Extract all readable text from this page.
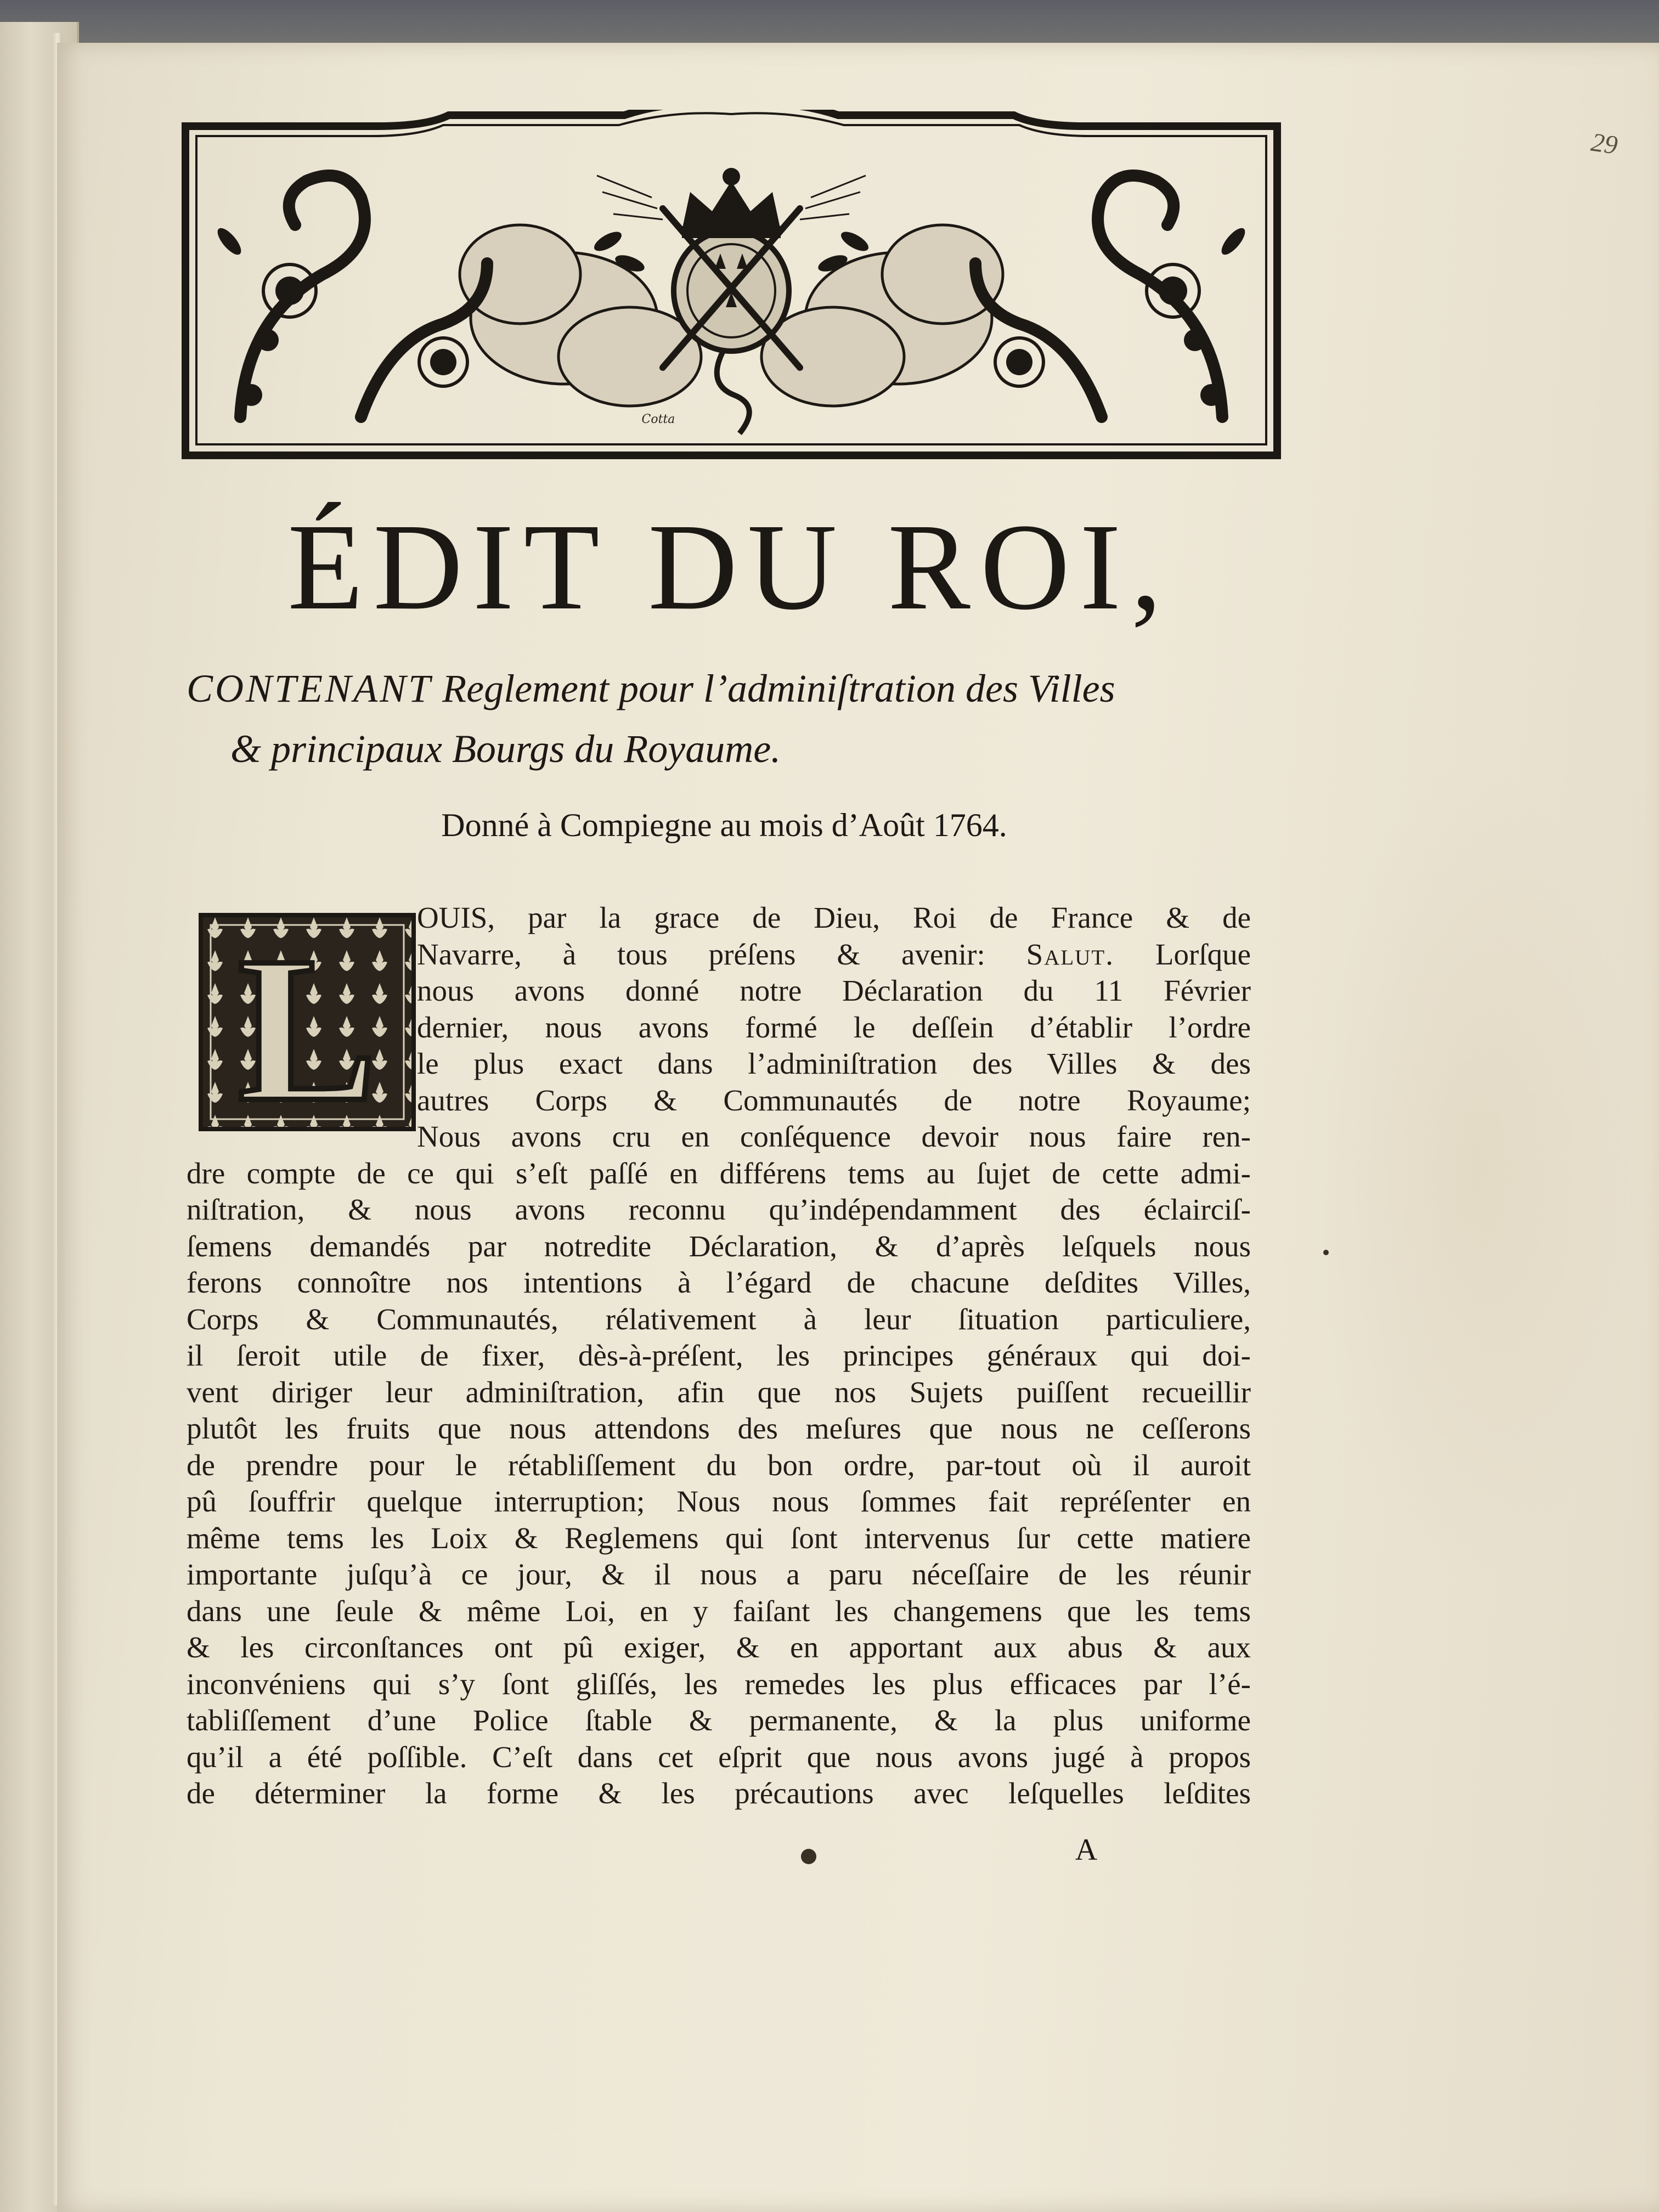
29
Cotta
ÉDIT DU ROI,
CONTENANT Reglement pour l’adminiſtration des Villes
& principaux Bourgs du Royaume.
Donné à Compiegne au mois d’Août 1764.
L OUIS, par la grace de Dieu, Roi de France & de
Navarre, à tous préſens & avenir: Salut. Lorſque
nous avons donné notre Déclaration du 11 Février
dernier, nous avons formé le deſſein d’établir l’ordre
le plus exact dans l’adminiſtration des Villes & des
autres Corps & Communautés de notre Royaume;
Nous avons cru en conſéquence devoir nous faire ren-
dre compte de ce qui s’eſt paſſé en différens tems au ſujet de cette admi-
niſtration, & nous avons reconnu qu’indépendamment des éclairciſ-
ſemens demandés par notredite Déclaration, & d’après leſquels nous
ferons connoître nos intentions à l’égard de chacune deſdites Villes,
Corps & Communautés, rélativement à leur ſituation particuliere,
il ſeroit utile de fixer, dès-à-préſent, les principes généraux qui doi-
vent diriger leur adminiſtration, afin que nos Sujets puiſſent recueillir
plutôt les fruits que nous attendons des meſures que nous ne ceſſerons
de prendre pour le rétabliſſement du bon ordre, par-tout où il auroit
pû ſouffrir quelque interruption; Nous nous ſommes fait repréſenter en
même tems les Loix & Reglemens qui ſont intervenus ſur cette matiere
importante juſqu’à ce jour, & il nous a paru néceſſaire de les réunir
dans une ſeule & même Loi, en y faiſant les changemens que les tems
& les circonſtances ont pû exiger, & en apportant aux abus & aux
inconvéniens qui s’y ſont gliſſés, les remedes les plus efficaces par l’é-
tabliſſement d’une Police ſtable & permanente, & la plus uniforme
qu’il a été poſſible. C’eſt dans cet eſprit que nous avons jugé à propos
de déterminer la forme & les précautions avec leſquelles leſdites
A
